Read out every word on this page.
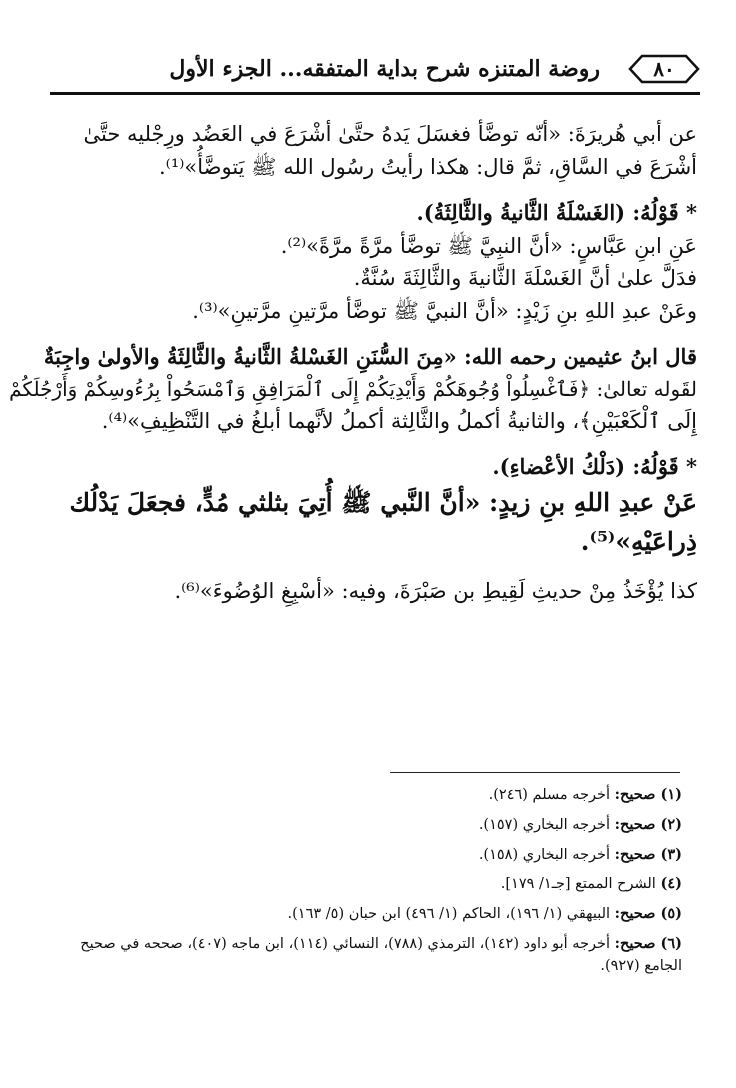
٨٠
روضة المتنزه شرح بداية المتفقه... الجزء الأول
عن أبي هُريرَةَ: «أنّه توضَّأ فغسَلَ يَدهُ حتَّىٰ أشْرَعَ في العَضُد ورِجْليه حتَّىٰ
أشْرَعَ في السَّاقِ، ثمَّ قال: هكذا رأيتُ رسُول الله ﷺ يَتوضَّأُ»⁽¹⁾.
* قَوْلُهُ: (الغَسْلَةُ الثَّانيةُ والثَّالِثَةُ).
عَنِ ابنِ عَبَّاسٍ: «أنَّ النبِيَّ ﷺ توضَّأ مرَّةً مرَّةً»⁽²⁾.
فدَلَّ علىٰ أنَّ الغَسْلَةَ الثَّانيةَ والثَّالِثَةَ سُنَّةٌ.
وعَنْ عبدِ اللهِ بنِ زَيْدٍ: «أنَّ النبيَّ ﷺ توضَّأ مرَّتينِ مرَّتينِ»⁽³⁾.
قال ابنُ عثيمين رحمه الله: «مِنَ السُّنَنِ الغَسْلةُ الثَّانيةُ والثَّالِثَةُ والأولىٰ واجِبَةٌ
لقَوله تعالىٰ: ﴿فَٱغْسِلُواْ وُجُوهَكُمْ وَأَيْدِيَكُمْ إِلَى ٱلْمَرَافِقِ وَٱمْسَحُواْ بِرُءُوسِكُمْ وَأَرْجُلَكُمْ
إِلَى ٱلْكَعْبَيْنِ﴾، والثانيةُ أكملُ والثَّالِثة أكملُ لأنَّهما أبلغُ في التَّنْظِيفِ»⁽⁴⁾.
* قَوْلُهُ: (دَلْكُ الأعْضاءِ).
عَنْ عبدِ اللهِ بنِ زيدٍ: «أنَّ النَّبي ﷺ أُتِيَ بثلثي مُدٍّ، فجعَلَ يَدْلُك
ذِراعَيْهِ»⁽⁵⁾.
كذا يُؤْخَذُ مِنْ حديثِ لَقِيطِ بن صَبْرَةَ، وفيه: «أسْبِغِ الوُضُوءَ»⁽⁶⁾.
(١) صحيح: أخرجه مسلم (٢٤٦).
(٢) صحيح: أخرجه البخاري (١٥٧).
(٣) صحيح: أخرجه البخاري (١٥٨).
(٤) الشرح الممتع [جـ١/ ١٧٩].
(٥) صحيح: البيهقي (١/ ١٩٦)، الحاكم (١/ ٤٩٦) ابن حبان (٥/ ١٦٣).
(٦) صحيح: أخرجه أبو داود (١٤٢)، الترمذي (٧٨٨)، النسائي (١١٤)، ابن ماجه (٤٠٧)، صححه في صحيح الجامع (٩٢٧).
